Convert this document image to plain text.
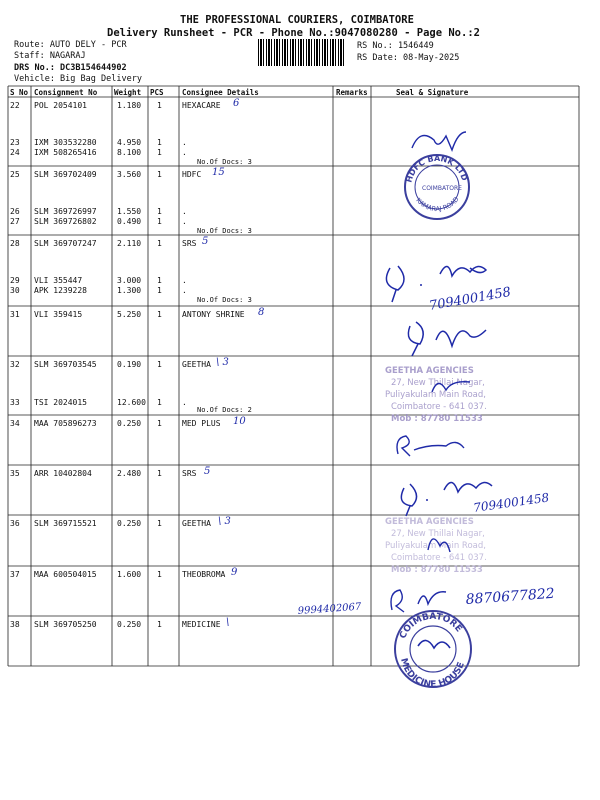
THE PROFESSIONAL COURIERS, COIMBATORE
Delivery Runsheet - PCR - Phone No.:9047080280 - Page No.:2
Route: AUTO DELY - PCR
Staff: NAGARAJ
DRS No.: DC3B154644902
Vehicle: Big Bag Delivery
RS No.: 1546449
RS Date: 08-May-2025
S No Consignment No Weight PCS Consignee Details	Remarks	Seal & Signature
22 POL 2054101	1.180 1	HEXACARE 6
23 IXM 303532280	4.950 1	.
24 IXM 508265416	8.100 1	.
No.Of Docs: 3
25 SLM 369702409	3.560 1	HDFC 15
26 SLM 369726997	1.550 1	.
27 SLM 369726802	0.490 1	.
No.Of Docs: 3
28 SLM 369707247	2.110 1	SRS 5
29 VLI 355447	3.000 1	.
30 APK 1239228	1.300 1	.
No.Of Docs: 3
31 VLI 359415	5.250 1	ANTONY SHRINE 8
32 SLM 369703545	0.190 1	GEETHA \ 3
33 TSI 2024015	12.600 1	.
No.Of Docs: 2
34 MAA 705896273	0.250 1	MED PLUS 10
35 ARR 10402804	2.480 1	SRS 5
36 SLM 369715521	0.250 1	GEETHA \ 3
37 MAA 600504015	1.600 1	THEOBROMA 9
38 SLM 369705250	0.250 1	MEDICINE \
HDFC BANK LTD
COIMBATORE
KAMARAJ ROAD
7094001458
GEETHA AGENCIES
27, New Thillai Nagar,
Puliyakulam Main Road,
Coimbatore - 641 037.
Mob : 87780 11533
7094001458
GEETHA AGENCIES
27, New Thillai Nagar,
Puliyakulam Main Road,
Coimbatore - 641 037.
Mob : 87780 11533
9994402067
8870677822
COIMBATORE
MEDICINE HOUSE
